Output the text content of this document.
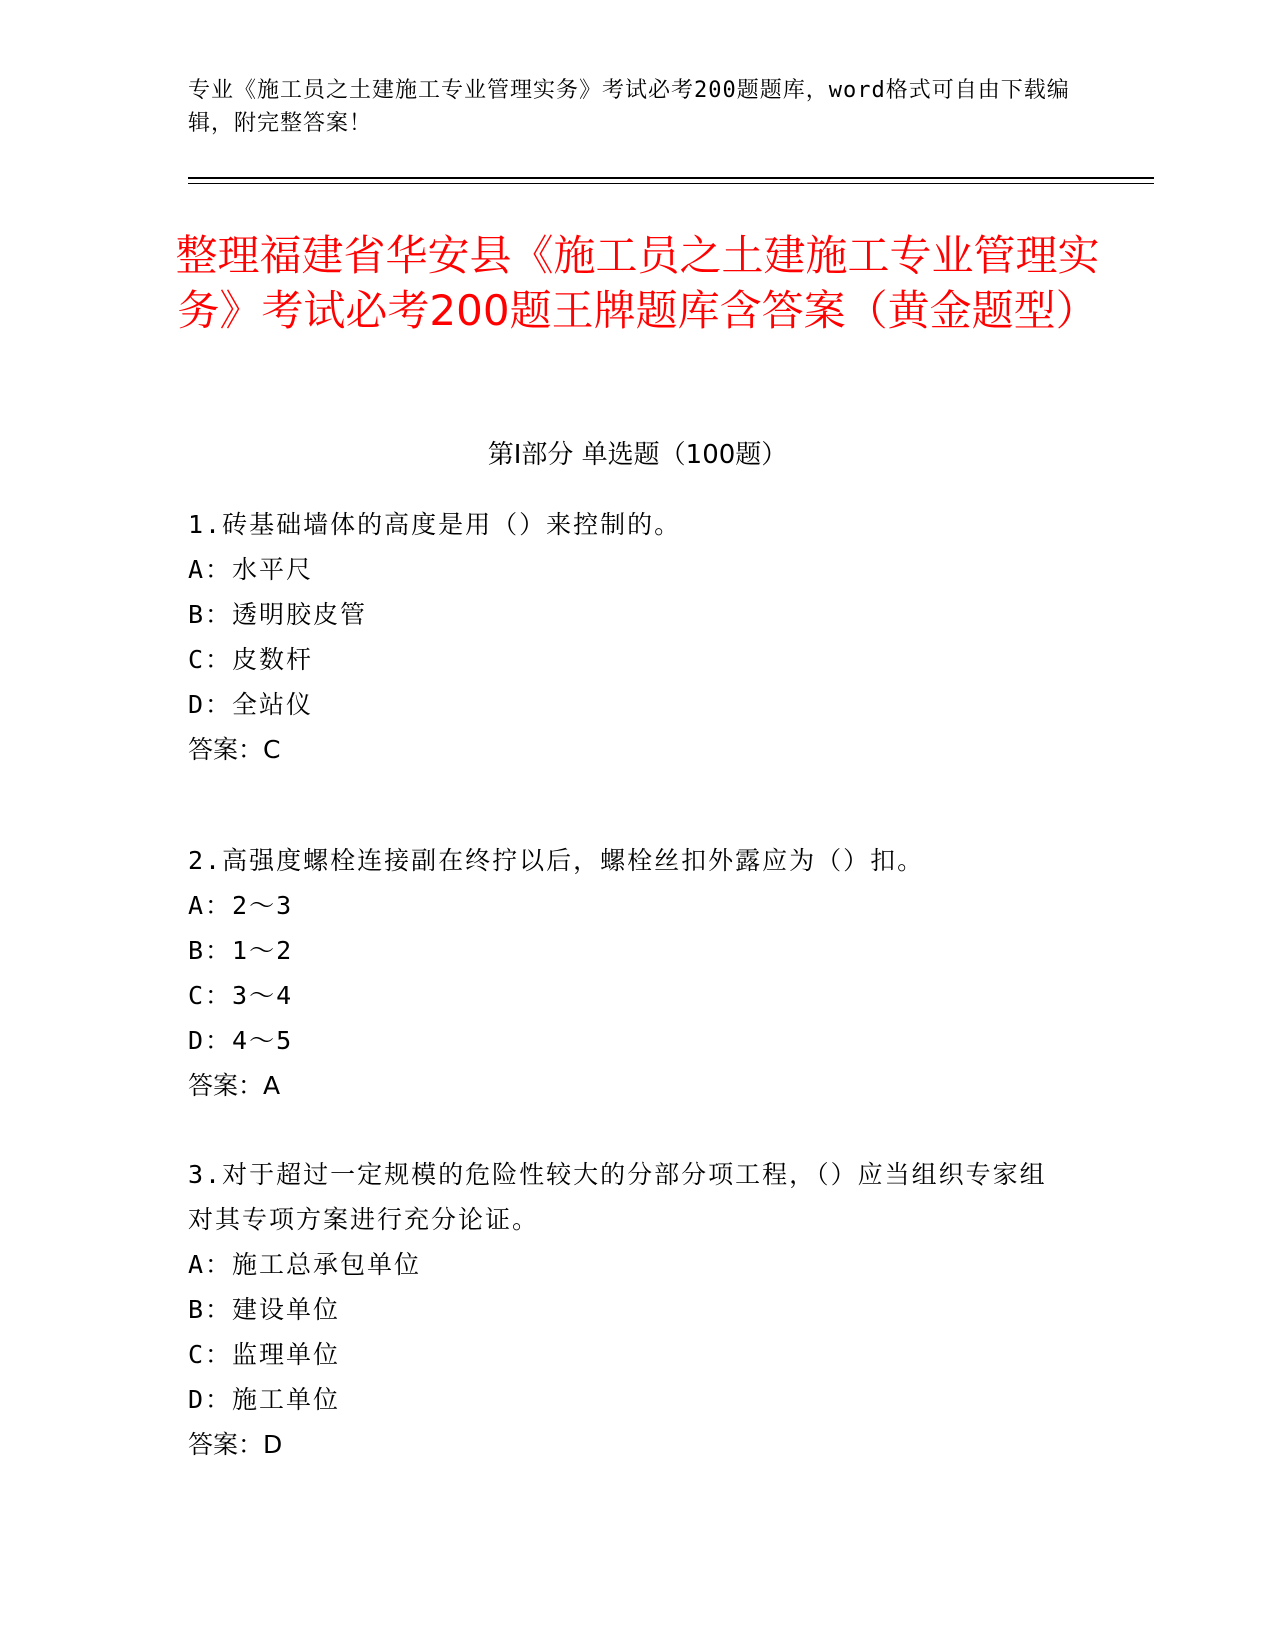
专业《施工员之土建施工专业管理实务》考试必考200题题库，word格式可自由下载编辑，附完整答案！
整理福建省华安县《施工员之土建施工专业管理实务》考试必考200题王牌题库含答案（黄金题型）
第Ⅰ部分 单选题（100题）
1.砖基础墙体的高度是用（）来控制的。
A：水平尺
B：透明胶皮管
C：皮数杆
D：全站仪
答案：C
2.高强度螺栓连接副在终拧以后，螺栓丝扣外露应为（）扣。
A：2～3
B：1～2
C：3～4
D：4～5
答案：A
3.对于超过一定规模的危险性较大的分部分项工程，（）应当组织专家组对其专项方案进行充分论证。
A：施工总承包单位
B：建设单位
C：监理单位
D：施工单位
答案：D
